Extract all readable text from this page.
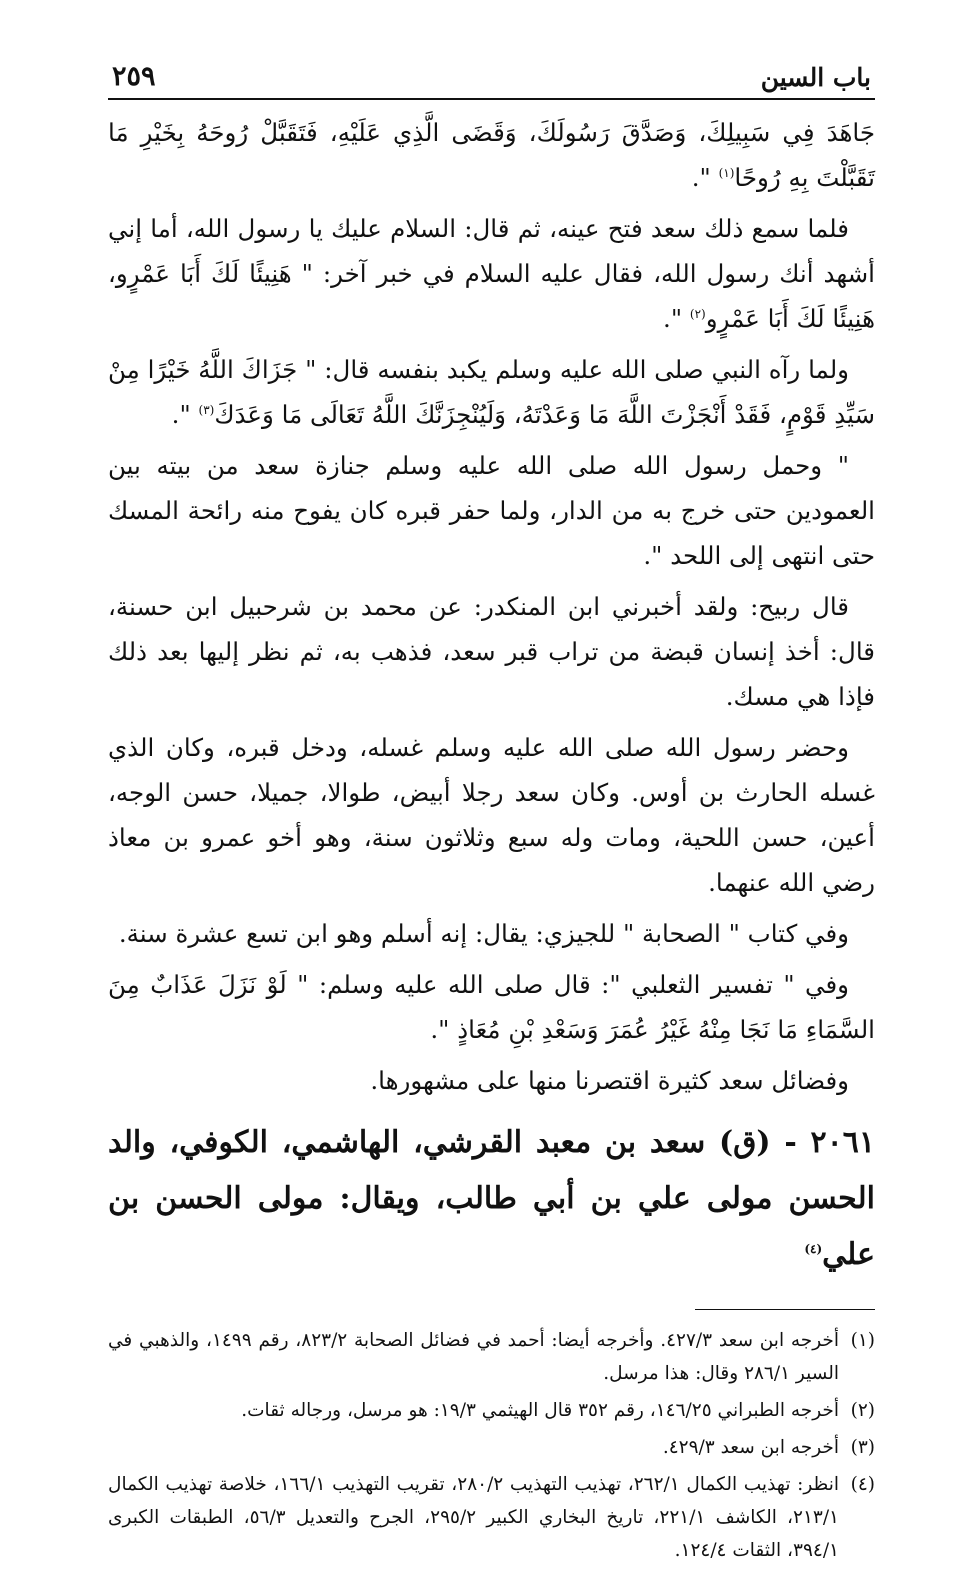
باب السين
٢٥٩

جَاهَدَ فِي سَبِيلِكَ، وَصَدَّقَ رَسُولَكَ، وَقَضَى الَّذِي عَلَيْهِ، فَتَقَبَّلْ رُوحَهُ بِخَيْرِ مَا تَقَبَّلْتَ بِهِ رُوحًا$^{(١)}$ ".

فلما سمع ذلك سعد فتح عينه، ثم قال: السلام عليك يا رسول الله، أما إني أشهد أنك رسول الله، فقال عليه السلام في خبر آخر: " هَنِيئًا لَكَ أَبَا عَمْرٍو، هَنِيئًا لَكَ أَبَا عَمْرٍو$^{(٢)}$ ".

ولما رآه النبي صلى الله عليه وسلم يكبد بنفسه قال: " جَزَاكَ اللَّهُ خَيْرًا مِنْ سَيِّدِ قَوْمٍ، فَقَدْ أَنْجَزْتَ اللَّهَ مَا وَعَدْتَهُ، وَلَيُنْجِزَنَّكَ اللَّهُ تَعَالَى مَا وَعَدَكَ$^{(٣)}$ ".

" وحمل رسول الله صلى الله عليه وسلم جنازة سعد من بيته بين العمودين حتى خرج به من الدار، ولما حفر قبره كان يفوح منه رائحة المسك حتى انتهى إلى اللحد ".

قال ربيح: ولقد أخبرني ابن المنكدر: عن محمد بن شرحبيل ابن حسنة، قال: أخذ إنسان قبضة من تراب قبر سعد، فذهب به، ثم نظر إليها بعد ذلك فإذا هي مسك.

وحضر رسول الله صلى الله عليه وسلم غسله، ودخل قبره، وكان الذي غسله الحارث بن أوس. وكان سعد رجلا أبيض، طوالا، جميلا، حسن الوجه، أعين، حسن اللحية، ومات وله سبع وثلاثون سنة، وهو أخو عمرو بن معاذ رضي الله عنهما.

وفي كتاب " الصحابة " للجيزي: يقال: إنه أسلم وهو ابن تسع عشرة سنة.

وفي " تفسير الثعلبي ": قال صلى الله عليه وسلم: " لَوْ نَزَلَ عَذَابٌ مِنَ السَّمَاءِ مَا نَجَا مِنْهُ غَيْرُ عُمَرَ وَسَعْدِ بْنِ مُعَاذٍ ".

وفضائل سعد كثيرة اقتصرنا منها على مشهورها.

٢٠٦١ - (ق) سعد بن معبد القرشي، الهاشمي، الكوفي، والد الحسن مولى علي بن أبي طالب، ويقال: مولى الحسن بن علي$^{(٤)}$
(١)
أخرجه ابن سعد ٤٢٧/٣. وأخرجه أيضا: أحمد في فضائل الصحابة ٨٢٣/٢، رقم ١٤٩٩، والذهبي في السير ٢٨٦/١ وقال: هذا مرسل.
(٢)
أخرجه الطبراني ١٤٦/٢٥، رقم ٣٥٢ قال الهيثمي ١٩/٣: هو مرسل، ورجاله ثقات.
(٣)
أخرجه ابن سعد ٤٢٩/٣.
(٤)
انظر: تهذيب الكمال ٢٦٢/١، تهذيب التهذيب ٢٨٠/٢، تقريب التهذيب ١٦٦/١، خلاصة تهذيب الكمال ٢١٣/١، الكاشف ٢٢١/١، تاريخ البخاري الكبير ٢٩٥/٢، الجرح والتعديل ٥٦/٣، الطبقات الكبرى ٣٩٤/١، الثقات ١٢٤/٤.
